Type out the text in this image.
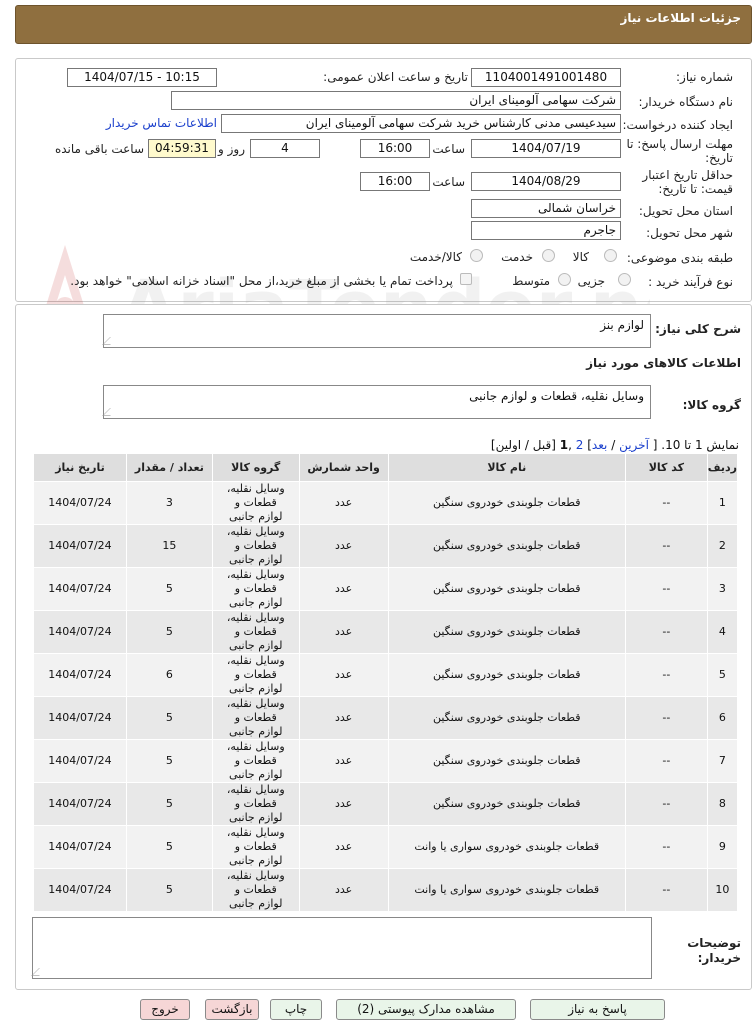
جزئیات اطلاعات نیاز
شماره نیاز:
1104001491001480
تاریخ و ساعت اعلان عمومی:
1404/07/15 - 10:15
نام دستگاه خریدار:
شرکت سهامی آلومینای ایران
ایجاد کننده درخواست:
سیدعیسی مدنی کارشناس خرید شرکت سهامی آلومینای ایران
اطلاعات تماس خریدار
مهلت ارسال پاسخ: تا
تاریخ:
1404/07/19
ساعت
16:00
4
روز و
04:59:31
ساعت باقی مانده
حداقل تاریخ اعتبار
قیمت: تا تاریخ:
1404/08/29
ساعت
16:00
استان محل تحویل:
خراسان شمالی
شهر محل تحویل:
جاجرم
طبقه بندی موضوعی:
کالا
خدمت
کالا/خدمت
نوع فرآیند خرید :
جزیی
متوسط
پرداخت تمام یا بخشی از مبلغ خرید،از محل "اسناد خزانه اسلامی" خواهد بود.
شرح کلی نیاز:
لوازم بنز
اطلاعات کالاهای مورد نیاز
گروه کالا:
وسایل نقلیه، قطعات و لوازم جانبی
نمایش 1 تا 10. [ آخرین / بعد] 2 ,1 [قبل / اولین]
ردیف	کد کالا	نام کالا	واحد شمارش	گروه کالا	تعداد / مقدار	تاریخ نیاز
1	--	قطعات جلوبندی خودروی سنگین	عدد	وسایل نقلیه، قطعات و لوازم جانبی	3	1404/07/24
2	--	قطعات جلوبندی خودروی سنگین	عدد	وسایل نقلیه، قطعات و لوازم جانبی	15	1404/07/24
3	--	قطعات جلوبندی خودروی سنگین	عدد	وسایل نقلیه، قطعات و لوازم جانبی	5	1404/07/24
4	--	قطعات جلوبندی خودروی سنگین	عدد	وسایل نقلیه، قطعات و لوازم جانبی	5	1404/07/24
5	--	قطعات جلوبندی خودروی سنگین	عدد	وسایل نقلیه، قطعات و لوازم جانبی	6	1404/07/24
6	--	قطعات جلوبندی خودروی سنگین	عدد	وسایل نقلیه، قطعات و لوازم جانبی	5	1404/07/24
7	--	قطعات جلوبندی خودروی سنگین	عدد	وسایل نقلیه، قطعات و لوازم جانبی	5	1404/07/24
8	--	قطعات جلوبندی خودروی سنگین	عدد	وسایل نقلیه، قطعات و لوازم جانبی	5	1404/07/24
9	--	قطعات جلوبندی خودروی سواری یا وانت	عدد	وسایل نقلیه، قطعات و لوازم جانبی	5	1404/07/24
10	--	قطعات جلوبندی خودروی سواری یا وانت	عدد	وسایل نقلیه، قطعات و لوازم جانبی	5	1404/07/24
توضیحات
خریدار:
پاسخ به نیاز
مشاهده مدارک پیوستی (2)
چاپ
بازگشت
خروج
